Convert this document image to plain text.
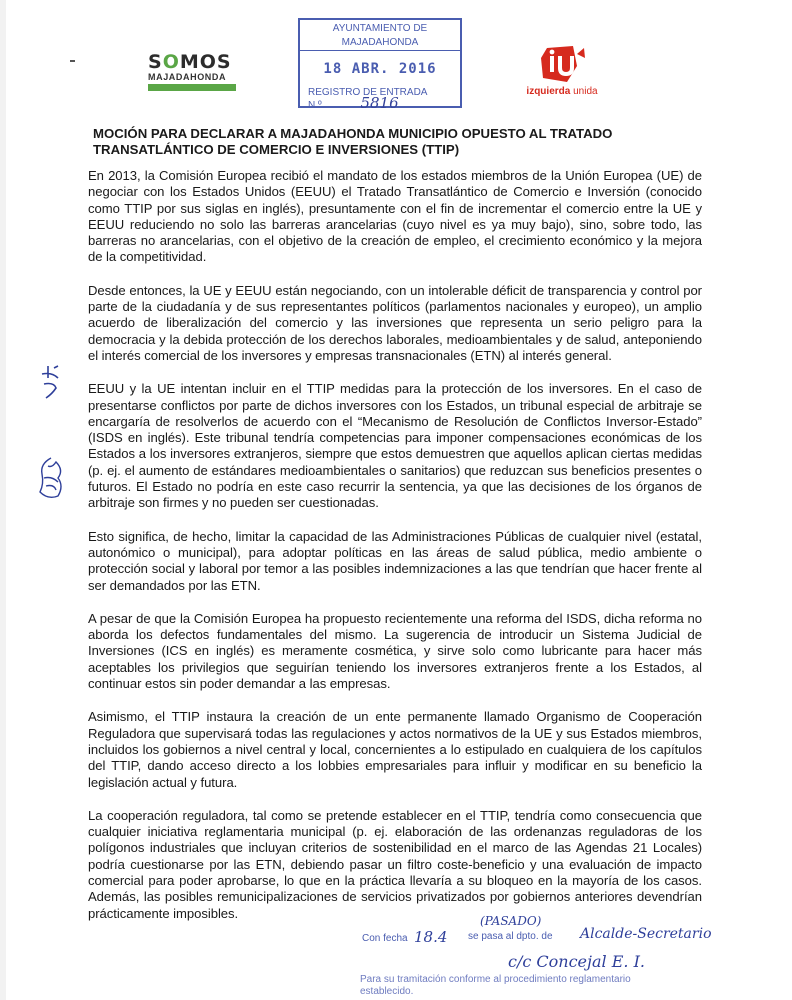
SOMOS
MAJADAHONDA
AYUNTAMIENTO DE MAJADAHONDA
18 ABR. 2016
REGISTRO DE ENTRADA
N.º	5816
izquierda unida
MOCIÓN PARA DECLARAR A MAJADAHONDA MUNICIPIO OPUESTO AL TRATADO TRANSATLÁNTICO DE COMERCIO E INVERSIONES (TTIP)

En 2013, la Comisión Europea recibió el mandato de los estados miembros de la Unión Europea (UE) de negociar con los Estados Unidos (EEUU) el Tratado Transatlántico de Comercio e Inversión (conocido como TTIP por sus siglas en inglés), presuntamente con el fin de incrementar el comercio entre la UE y EEUU reduciendo no solo las barreras arancelarias (cuyo nivel es ya muy bajo), sino, sobre todo, las barreras no arancelarias, con el objetivo de la creación de empleo, el crecimiento económico y la mejora de la competitividad.

Desde entonces, la UE y EEUU están negociando, con un intolerable déficit de transparencia y control por parte de la ciudadanía y de sus representantes políticos (parlamentos nacionales y europeo), un amplio acuerdo de liberalización del comercio y las inversiones que representa un serio peligro para la democracia y la debida protección de los derechos laborales, medioambientales y de salud, anteponiendo el interés comercial de los inversores y empresas transnacionales (ETN) al interés general.

EEUU y la UE intentan incluir en el TTIP medidas para la protección de los inversores. En el caso de presentarse conflictos por parte de dichos inversores con los Estados, un tribunal especial de arbitraje se encargaría de resolverlos de acuerdo con el “Mecanismo de Resolución de Conflictos Inversor-Estado” (ISDS en inglés). Este tribunal tendría competencias para imponer compensaciones económicas de los Estados a los inversores extranjeros, siempre que estos demuestren que aquellos aplican ciertas medidas (p. ej. el aumento de estándares medioambientales o sanitarios) que reduzcan sus beneficios presentes o futuros. El Estado no podría en este caso recurrir la sentencia, ya que las decisiones de los órganos de arbitraje son firmes y no pueden ser cuestionadas.

Esto significa, de hecho, limitar la capacidad de las Administraciones Públicas de cualquier nivel (estatal, autonómico o municipal), para adoptar políticas en las áreas de salud pública, medio ambiente o protección social y laboral por temor a las posibles indemnizaciones a las que tendrían que hacer frente al ser demandados por las ETN.

A pesar de que la Comisión Europea ha propuesto recientemente una reforma del ISDS, dicha reforma no aborda los defectos fundamentales del mismo. La sugerencia de introducir un Sistema Judicial de Inversiones (ICS en inglés) es meramente cosmética, y sirve solo como lubricante para hacer más aceptables los privilegios que seguirían teniendo los inversores extranjeros frente a los Estados, al continuar estos sin poder demandar a las empresas.

Asimismo, el TTIP instaura la creación de un ente permanente llamado Organismo de Cooperación Reguladora que supervisará todas las regulaciones y actos normativos de la UE y sus Estados miembros, incluidos los gobiernos a nivel central y local, concernientes a lo estipulado en cualquiera de los capítulos del TTIP, dando acceso directo a los lobbies empresariales para influir y modificar en su beneficio la legislación actual y futura.

La cooperación reguladora, tal como se pretende establecer en el TTIP, tendría como consecuencia que cualquier iniciativa reglamentaria municipal (p. ej. elaboración de las ordenanzas reguladoras de los polígonos industriales que incluyan criterios de sostenibilidad en el marco de las Agendas 21 Locales) podría cuestionarse por las ETN, debiendo pasar un filtro coste-beneficio y una evaluación de impacto comercial para poder aprobarse, lo que en la práctica llevaría a su bloqueo en la mayoría de los casos. Además, las posibles remunicipalizaciones de servicios privatizados por gobiernos anteriores devendrían prácticamente imposibles.

Con fecha 18.4
(PASADO)
se pasa al dpto. de Alcalde-Secretario
c/c Concejal E. I.
Para su tramitación conforme al procedimiento reglamentario
establecido.
